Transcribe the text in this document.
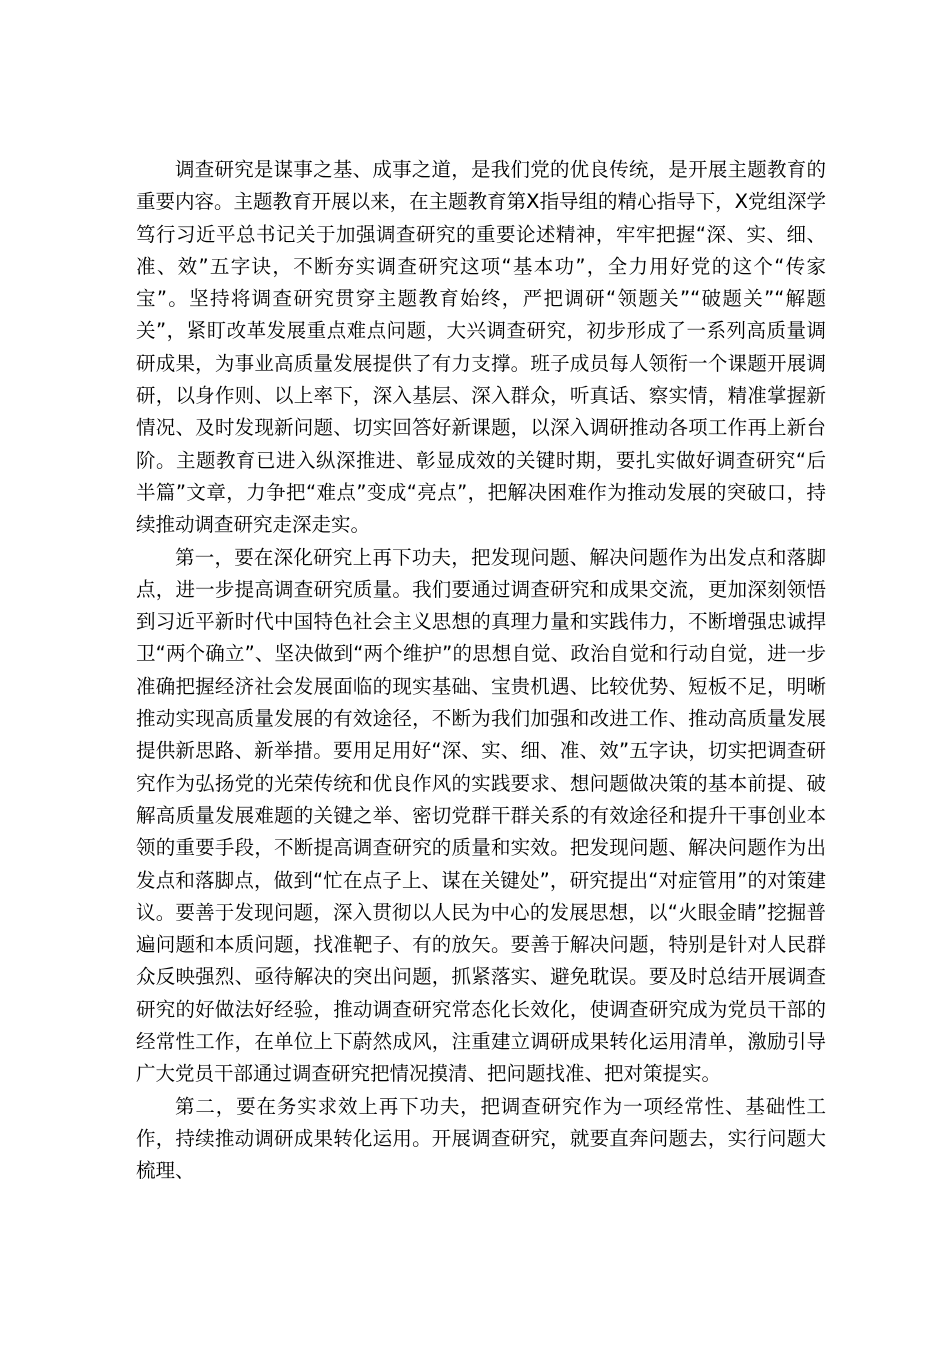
调查研究是谋事之基、成事之道，是我们党的优良传统，是开展主题教育的重要内容。主题教育开展以来，在主题教育第X指导组的精心指导下，X党组深学笃行习近平总书记关于加强调查研究的重要论述精神，牢牢把握“深、实、细、准、效”五字诀，不断夯实调查研究这项“基本功”，全力用好党的这个“传家宝”。坚持将调查研究贯穿主题教育始终，严把调研“领题关”“破题关”“解题关”，紧盯改革发展重点难点问题，大兴调查研究，初步形成了一系列高质量调研成果，为事业高质量发展提供了有力支撑。班子成员每人领衔一个课题开展调研，以身作则、以上率下，深入基层、深入群众，听真话、察实情，精准掌握新情况、及时发现新问题、切实回答好新课题，以深入调研推动各项工作再上新台阶。主题教育已进入纵深推进、彰显成效的关键时期，要扎实做好调查研究“后半篇”文章，力争把“难点”变成“亮点”，把解决困难作为推动发展的突破口，持续推动调查研究走深走实。

第一，要在深化研究上再下功夫，把发现问题、解决问题作为出发点和落脚点，进一步提高调查研究质量。我们要通过调查研究和成果交流，更加深刻领悟到习近平新时代中国特色社会主义思想的真理力量和实践伟力，不断增强忠诚捍卫“两个确立”、坚决做到“两个维护”的思想自觉、政治自觉和行动自觉，进一步准确把握经济社会发展面临的现实基础、宝贵机遇、比较优势、短板不足，明晰推动实现高质量发展的有效途径，不断为我们加强和改进工作、推动高质量发展提供新思路、新举措。要用足用好“深、实、细、准、效”五字诀，切实把调查研究作为弘扬党的光荣传统和优良作风的实践要求、想问题做决策的基本前提、破解高质量发展难题的关键之举、密切党群干群关系的有效途径和提升干事创业本领的重要手段，不断提高调查研究的质量和实效。把发现问题、解决问题作为出发点和落脚点，做到“忙在点子上、谋在关键处”，研究提出“对症管用”的对策建议。要善于发现问题，深入贯彻以人民为中心的发展思想，以“火眼金睛”挖掘普遍问题和本质问题，找准靶子、有的放矢。要善于解决问题，特别是针对人民群众反映强烈、亟待解决的突出问题，抓紧落实、避免耽误。要及时总结开展调查研究的好做法好经验，推动调查研究常态化长效化，使调查研究成为党员干部的经常性工作，在单位上下蔚然成风，注重建立调研成果转化运用清单，激励引导广大党员干部通过调查研究把情况摸清、把问题找准、把对策提实。

第二，要在务实求效上再下功夫，把调查研究作为一项经常性、基础性工作，持续推动调研成果转化运用。开展调查研究，就要直奔问题去，实行问题大梳理、
